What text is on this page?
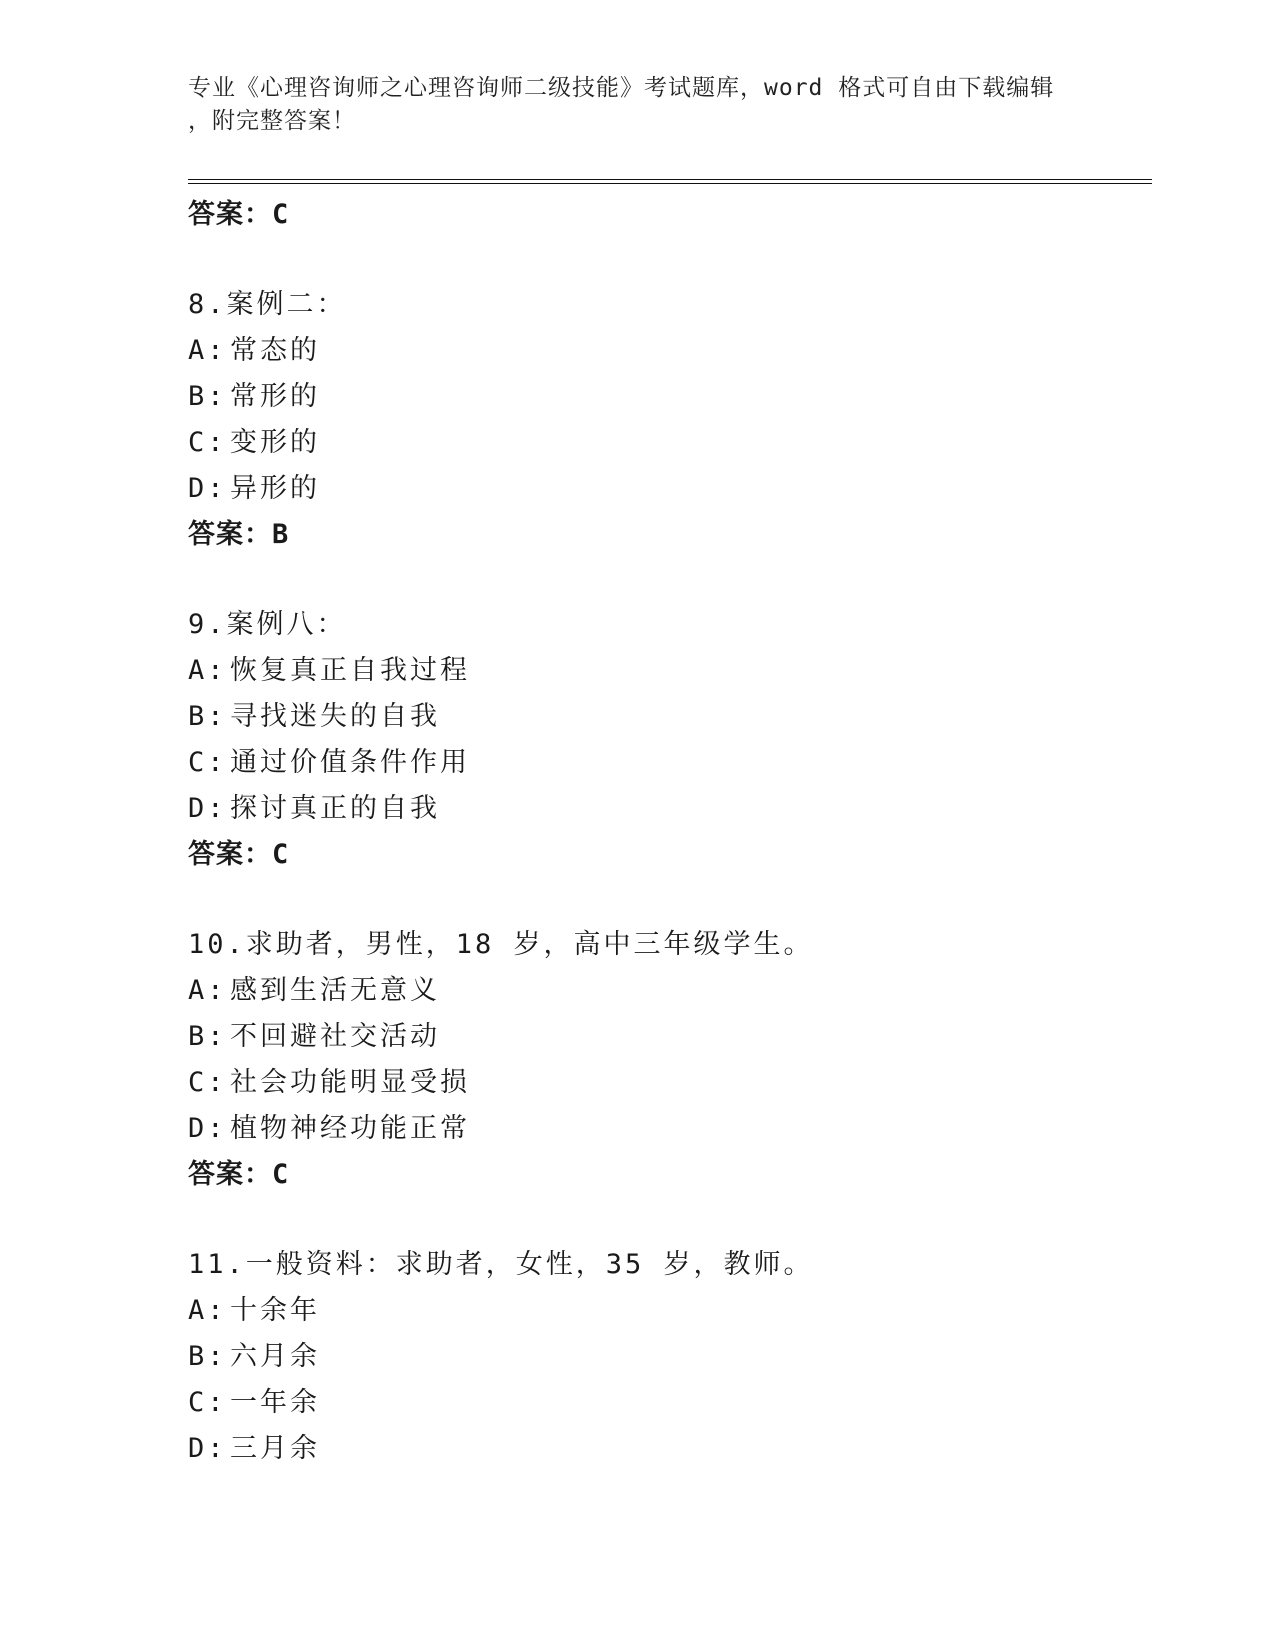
专业《心理咨询师之心理咨询师二级技能》考试题库，word 格式可自由下载编辑
，附完整答案！
答案：C
8.案例二：
A: 常态的
B: 常形的
C: 变形的
D: 异形的
答案：B
9.案例八：
A: 恢复真正自我过程
B: 寻找迷失的自我
C: 通过价值条件作用
D: 探讨真正的自我
答案：C
10.求助者，男性，18 岁，高中三年级学生。
A: 感到生活无意义
B: 不回避社交活动
C: 社会功能明显受损
D: 植物神经功能正常
答案：C
11.一般资料：求助者，女性，35 岁，教师。
A: 十余年
B: 六月余
C: 一年余
D: 三月余
